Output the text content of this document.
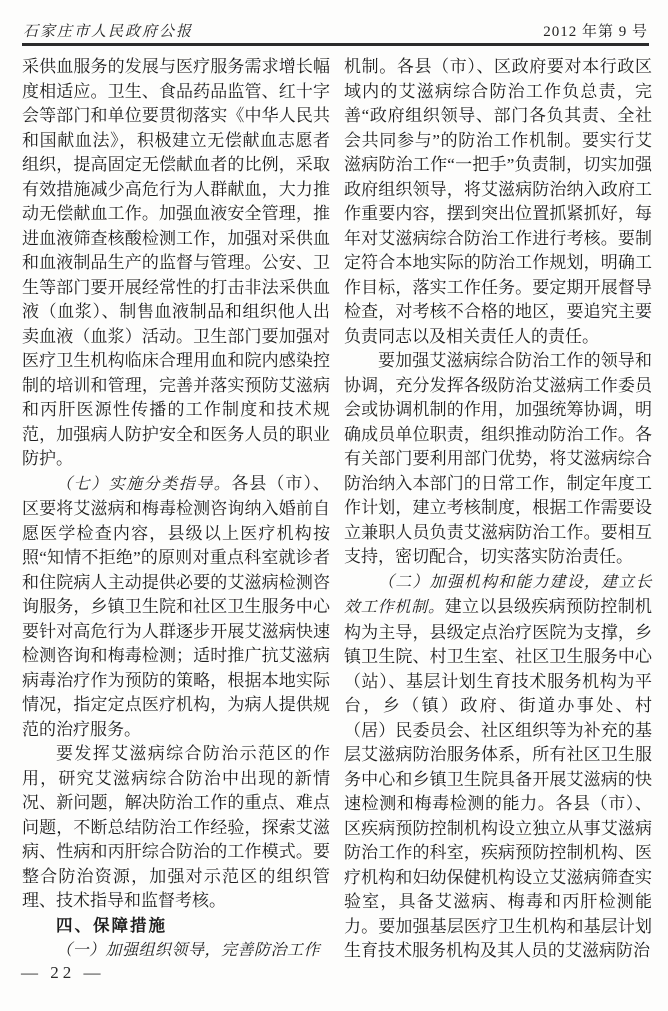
石家庄市人民政府公报	2012 年第 9 号

采供血服务的发展与医疗服务需求增长幅度相适应。卫生、食品药品监管、红十字会等部门和单位要贯彻落实《中华人民共和国献血法》，积极建立无偿献血志愿者组织，提高固定无偿献血者的比例，采取有效措施减少高危行为人群献血，大力推动无偿献血工作。加强血液安全管理，推进血液筛查核酸检测工作，加强对采供血和血液制品生产的监督与管理。公安、卫生等部门要开展经常性的打击非法采供血液（血浆）、制售血液制品和组织他人出卖血液（血浆）活动。卫生部门要加强对医疗卫生机构临床合理用血和院内感染控制的培训和管理，完善并落实预防艾滋病和丙肝医源性传播的工作制度和技术规范，加强病人防护安全和医务人员的职业防护。

（七）实施分类指导。各县（市）、区要将艾滋病和梅毒检测咨询纳入婚前自愿医学检查内容，县级以上医疗机构按照“知情不拒绝”的原则对重点科室就诊者和住院病人主动提供必要的艾滋病检测咨询服务，乡镇卫生院和社区卫生服务中心要针对高危行为人群逐步开展艾滋病快速检测咨询和梅毒检测；适时推广抗艾滋病病毒治疗作为预防的策略，根据本地实际情况，指定定点医疗机构，为病人提供规范的治疗服务。

要发挥艾滋病综合防治示范区的作用，研究艾滋病综合防治中出现的新情况、新问题，解决防治工作的重点、难点问题，不断总结防治工作经验，探索艾滋病、性病和丙肝综合防治的工作模式。要整合防治资源，加强对示范区的组织管理、技术指导和监督考核。

四、保障措施

（一）加强组织领导，完善防治工作

机制。各县（市）、区政府要对本行政区域内的艾滋病综合防治工作负总责，完善“政府组织领导、部门各负其责、全社会共同参与”的防治工作机制。要实行艾滋病防治工作“一把手”负责制，切实加强政府组织领导，将艾滋病防治纳入政府工作重要内容，摆到突出位置抓紧抓好，每年对艾滋病综合防治工作进行考核。要制定符合本地实际的防治工作规划，明确工作目标，落实工作任务。要定期开展督导检查，对考核不合格的地区，要追究主要负责同志以及相关责任人的责任。

要加强艾滋病综合防治工作的领导和协调，充分发挥各级防治艾滋病工作委员会或协调机制的作用，加强统筹协调，明确成员单位职责，组织推动防治工作。各有关部门要利用部门优势，将艾滋病综合防治纳入本部门的日常工作，制定年度工作计划，建立考核制度，根据工作需要设立兼职人员负责艾滋病防治工作。要相互支持，密切配合，切实落实防治责任。

（二）加强机构和能力建设，建立长效工作机制。建立以县级疾病预防控制机构为主导，县级定点治疗医院为支撑，乡镇卫生院、村卫生室、社区卫生服务中心（站）、基层计划生育技术服务机构为平台，乡（镇）政府、街道办事处、村（居）民委员会、社区组织等为补充的基层艾滋病防治服务体系，所有社区卫生服务中心和乡镇卫生院具备开展艾滋病的快速检测和梅毒检测的能力。各县（市）、区疾病预防控制机构设立独立从事艾滋病防治工作的科室，疾病预防控制机构、医疗机构和妇幼保健机构设立艾滋病筛查实验室，具备艾滋病、梅毒和丙肝检测能力。要加强基层医疗卫生机构和基层计划生育技术服务机构及其人员的艾滋病防治

— 22 —
